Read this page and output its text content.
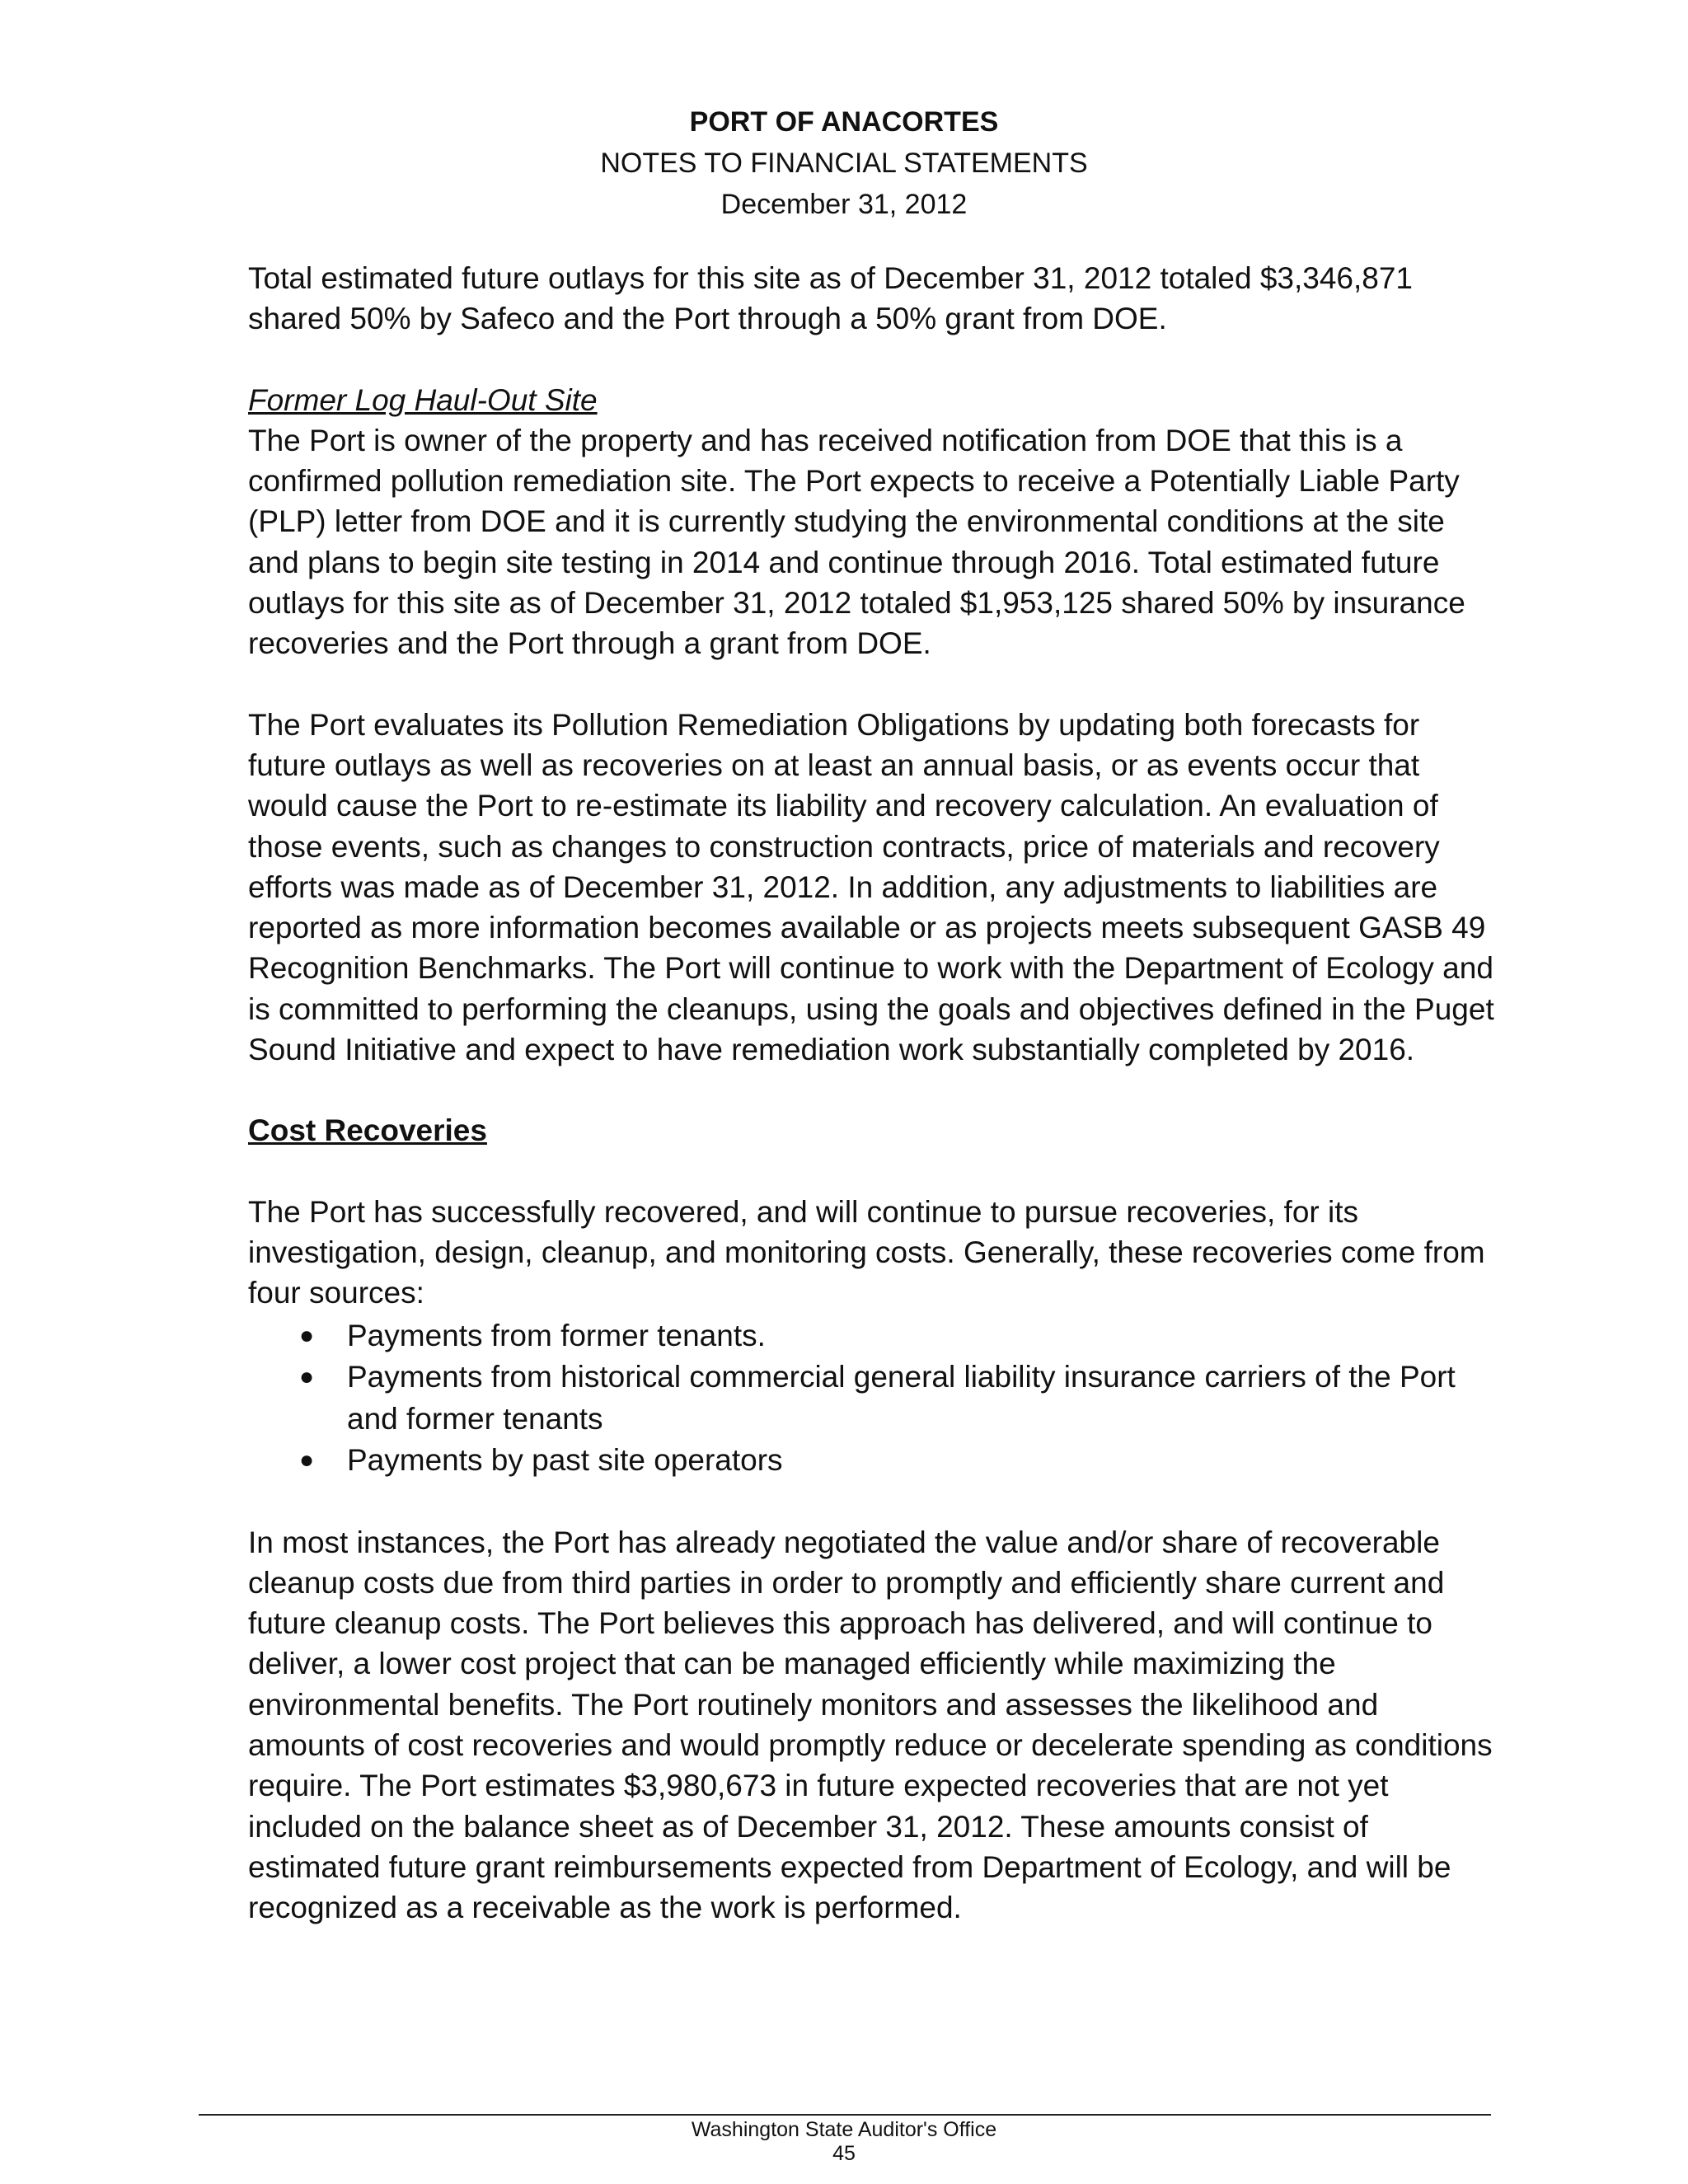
PORT OF ANACORTES
NOTES TO FINANCIAL STATEMENTS
December 31, 2012

Total estimated future outlays for this site as of December 31, 2012 totaled $3,346,871 shared 50% by Safeco and the Port through a 50% grant from DOE.

Former Log Haul-Out Site

The Port is owner of the property and has received notification from DOE that this is a confirmed pollution remediation site. The Port expects to receive a Potentially Liable Party (PLP) letter from DOE and it is currently studying the environmental conditions at the site and plans to begin site testing in 2014 and continue through 2016. Total estimated future outlays for this site as of December 31, 2012 totaled $1,953,125 shared 50% by insurance recoveries and the Port through a grant from DOE.

The Port evaluates its Pollution Remediation Obligations by updating both forecasts for future outlays as well as recoveries on at least an annual basis, or as events occur that would cause the Port to re-estimate its liability and recovery calculation. An evaluation of those events, such as changes to construction contracts, price of materials and recovery efforts was made as of December 31, 2012. In addition, any adjustments to liabilities are reported as more information becomes available or as projects meets subsequent GASB 49 Recognition Benchmarks. The Port will continue to work with the Department of Ecology and is committed to performing the cleanups, using the goals and objectives defined in the Puget Sound Initiative and expect to have remediation work substantially completed by 2016.

Cost Recoveries

The Port has successfully recovered, and will continue to pursue recoveries, for its investigation, design, cleanup, and monitoring costs. Generally, these recoveries come from four sources:

● Payments from former tenants.
● Payments from historical commercial general liability insurance carriers of the Port and former tenants
● Payments by past site operators

In most instances, the Port has already negotiated the value and/or share of recoverable cleanup costs due from third parties in order to promptly and efficiently share current and future cleanup costs. The Port believes this approach has delivered, and will continue to deliver, a lower cost project that can be managed efficiently while maximizing the environmental benefits. The Port routinely monitors and assesses the likelihood and amounts of cost recoveries and would promptly reduce or decelerate spending as conditions require. The Port estimates $3,980,673 in future expected recoveries that are not yet included on the balance sheet as of December 31, 2012. These amounts consist of estimated future grant reimbursements expected from Department of Ecology, and will be recognized as a receivable as the work is performed.

Washington State Auditor's Office
45
